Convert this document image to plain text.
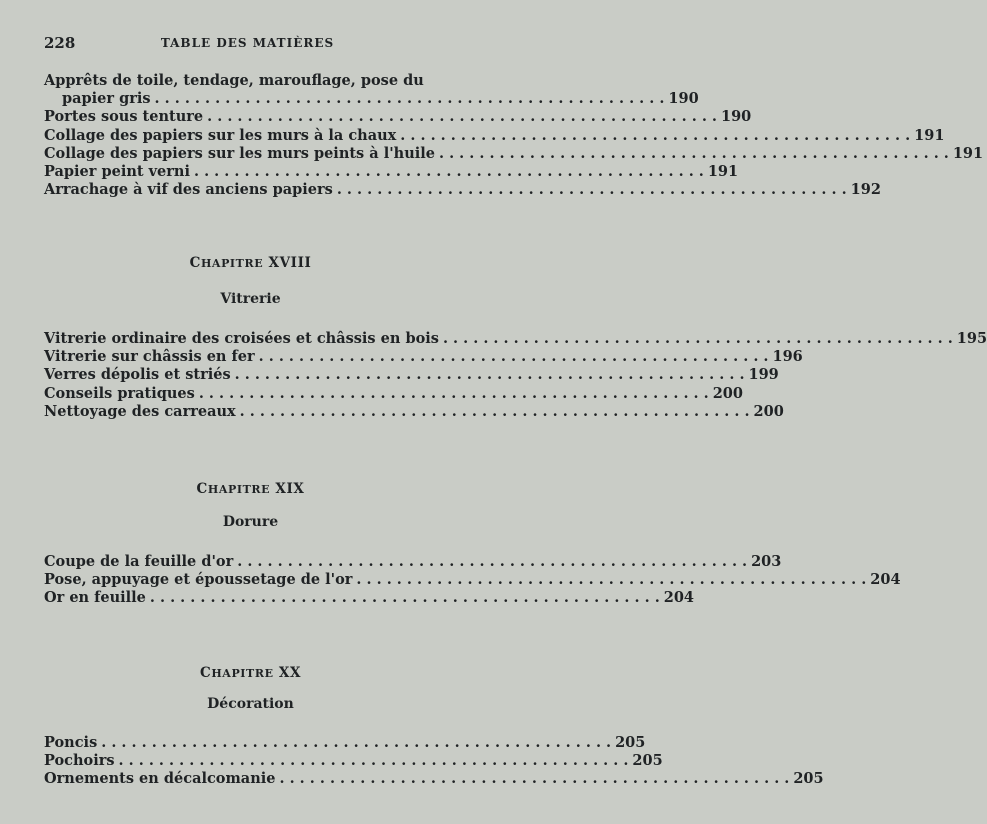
228	TABLE DES MATIÈRES
Apprêts de toile, tendage, marouflage, pose du
papier gris . . .	190
Portes sous tenture . . .	190
Collage des papiers sur les murs à la chaux . . .	191
Collage des papiers sur les murs peints à l'huile . . .	191
Papier peint verni . . .	191
Arrachage à vif des anciens papiers . . .	192
CHAPITRE XVIII
Vitrerie
Vitrerie ordinaire des croisées et châssis en bois . . .	195
Vitrerie sur châssis en fer . . .	196
Verres dépolis et striés . . .	199
Conseils pratiques . . .	200
Nettoyage des carreaux . . .	200
CHAPITRE XIX
Dorure
Coupe de la feuille d'or . . .	203
Pose, appuyage et époussetage de l'or . . .	204
Or en feuille . . .	204
CHAPITRE XX
Décoration
Poncis . . .	205
Pochoirs . . .	205
Ornements en décalcomanie . . .	205
